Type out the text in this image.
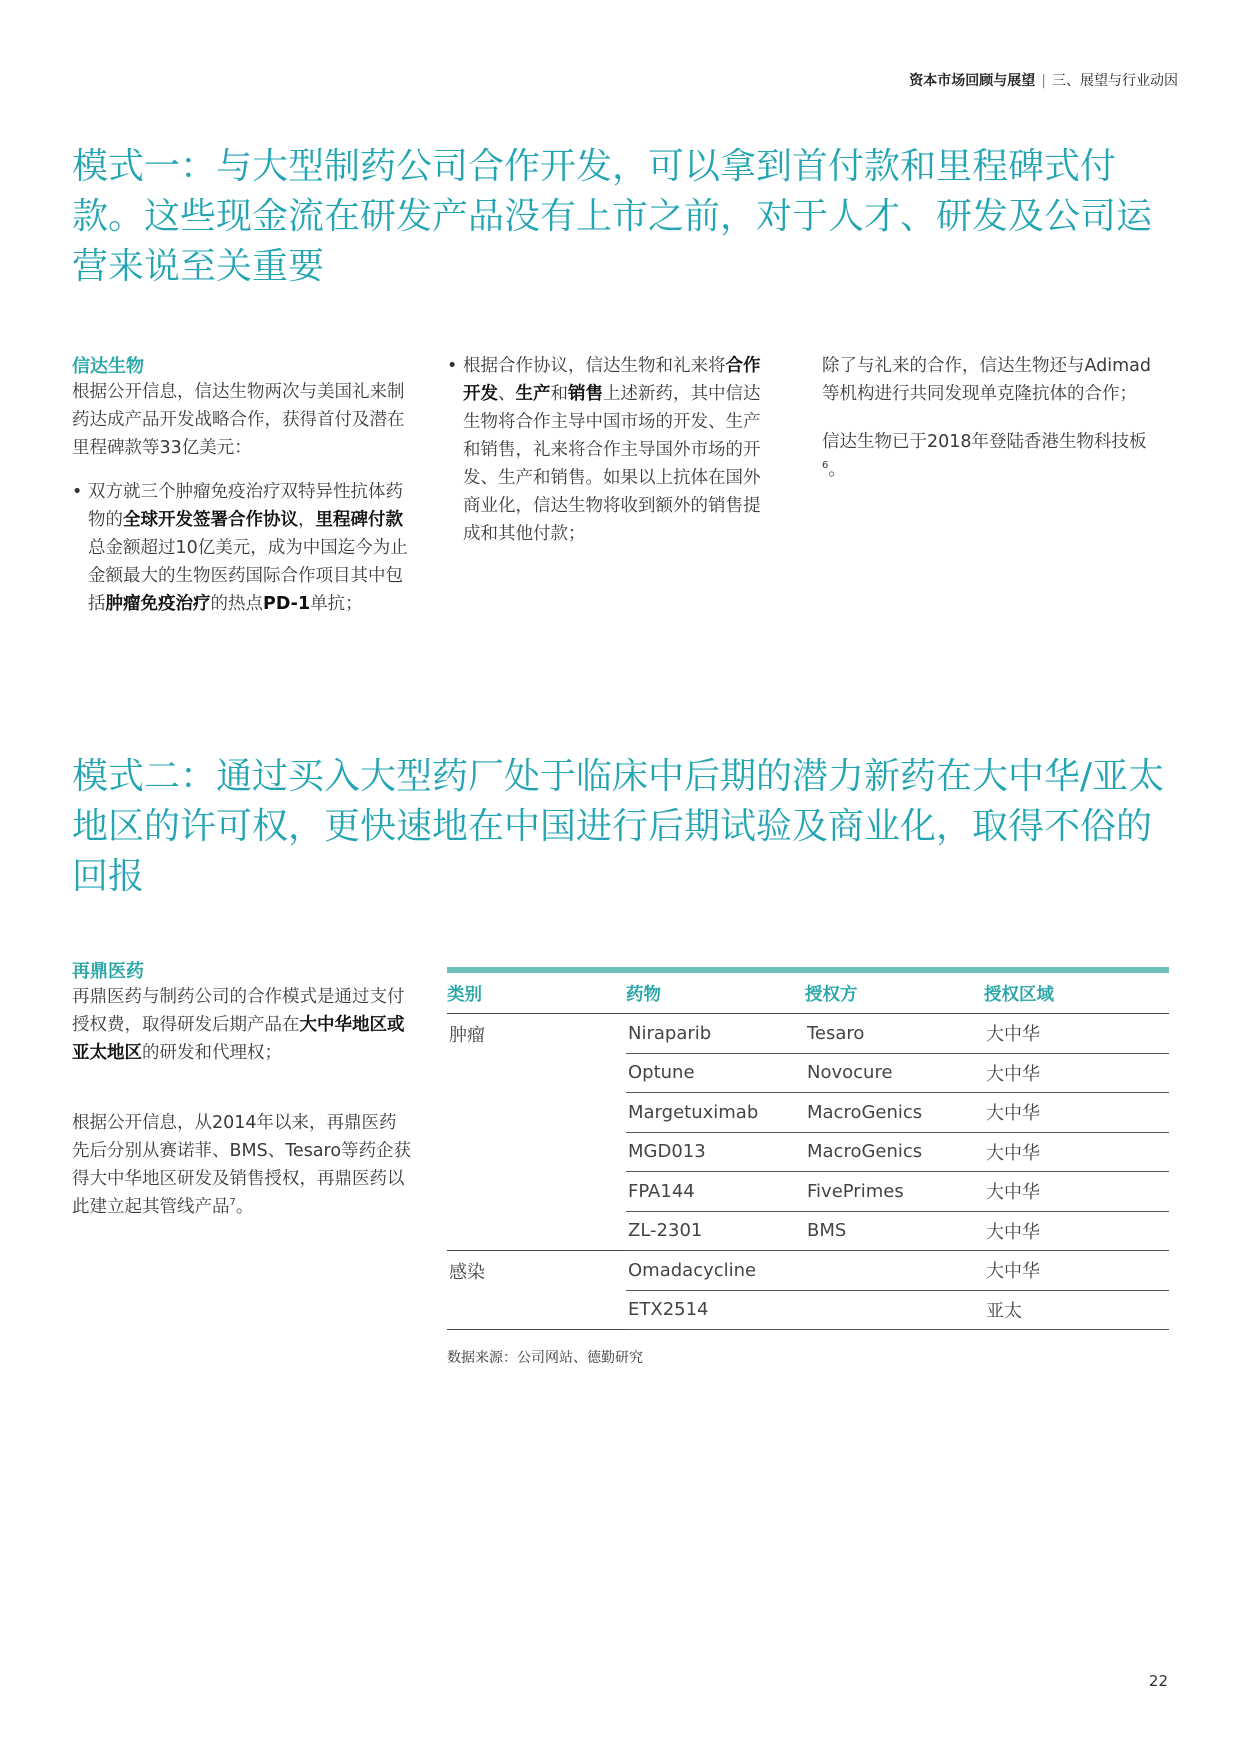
资本市场回顾与展望 | 三、展望与行业动因
模式一：与大型制药公司合作开发，可以拿到首付款和里程碑式付款。这些现金流在研发产品没有上市之前，对于人才、研发及公司运营来说至关重要

信达生物

根据公开信息，信达生物两次与美国礼来制药达成产品开发战略合作，获得首付及潜在里程碑款等33亿美元：

• 双方就三个肿瘤免疫治疗双特异性抗体药物的全球开发签署合作协议，里程碑付款总金额超过10亿美元，成为中国迄今为止金额最大的生物医药国际合作项目其中包括肿瘤免疫治疗的热点PD-1单抗；

• 根据合作协议，信达生物和礼来将合作开发、生产和销售上述新药，其中信达生物将合作主导中国市场的开发、生产和销售，礼来将合作主导国外市场的开发、生产和销售。如果以上抗体在国外商业化，信达生物将收到额外的销售提成和其他付款；

除了与礼来的合作，信达生物还与Adimad等机构进行共同发现单克隆抗体的合作；

信达生物已于2018年登陆香港生物科技板$^6$。

模式二：通过买入大型药厂处于临床中后期的潜力新药在大中华/亚太地区的许可权，更快速地在中国进行后期试验及商业化，取得不俗的回报

再鼎医药

再鼎医药与制药公司的合作模式是通过支付授权费，取得研发后期产品在大中华地区或亚太地区的研发和代理权；

根据公开信息，从2014年以来，再鼎医药先后分别从赛诺菲、BMS、Tesaro等药企获得大中华地区研发及销售授权，再鼎医药以此建立起其管线产品$^7$。

类别	药物	授权方	授权区域
肿瘤	Niraparib	Tesaro	大中华
	Optune	Novocure	大中华
	Margetuximab	MacroGenics	大中华
	MGD013	MacroGenics	大中华
	FPA144	FivePrimes	大中华
	ZL-2301	BMS	大中华
感染	Omadacycline		大中华
	ETX2514		亚太
数据来源：公司网站、德勤研究
22
